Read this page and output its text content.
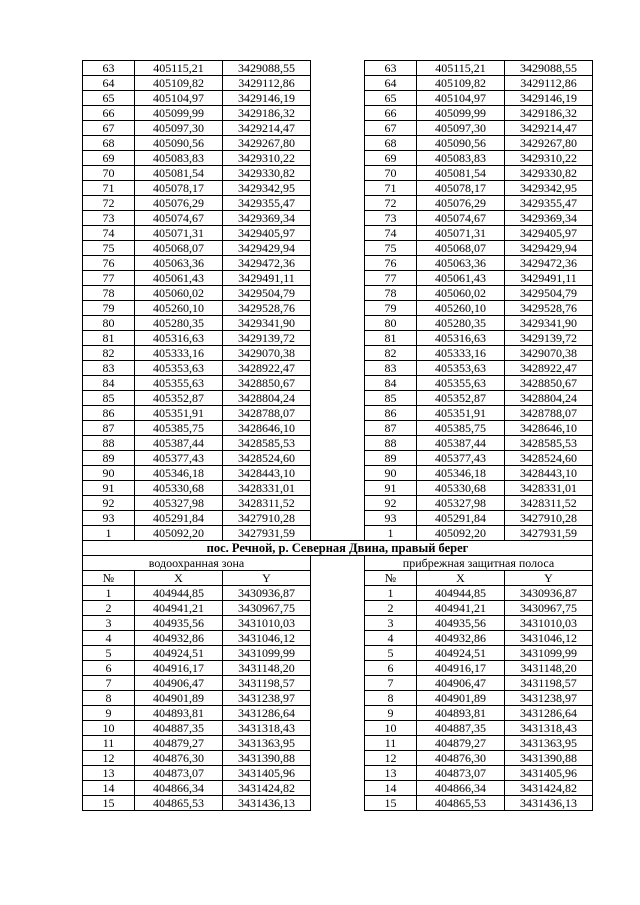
63	405115,21	3429088,55		63	405115,21	3429088,55
64	405109,82	3429112,86		64	405109,82	3429112,86
65	405104,97	3429146,19		65	405104,97	3429146,19
66	405099,99	3429186,32		66	405099,99	3429186,32
67	405097,30	3429214,47		67	405097,30	3429214,47
68	405090,56	3429267,80		68	405090,56	3429267,80
69	405083,83	3429310,22		69	405083,83	3429310,22
70	405081,54	3429330,82		70	405081,54	3429330,82
71	405078,17	3429342,95		71	405078,17	3429342,95
72	405076,29	3429355,47		72	405076,29	3429355,47
73	405074,67	3429369,34		73	405074,67	3429369,34
74	405071,31	3429405,97		74	405071,31	3429405,97
75	405068,07	3429429,94		75	405068,07	3429429,94
76	405063,36	3429472,36		76	405063,36	3429472,36
77	405061,43	3429491,11		77	405061,43	3429491,11
78	405060,02	3429504,79		78	405060,02	3429504,79
79	405260,10	3429528,76		79	405260,10	3429528,76
80	405280,35	3429341,90		80	405280,35	3429341,90
81	405316,63	3429139,72		81	405316,63	3429139,72
82	405333,16	3429070,38		82	405333,16	3429070,38
83	405353,63	3428922,47		83	405353,63	3428922,47
84	405355,63	3428850,67		84	405355,63	3428850,67
85	405352,87	3428804,24		85	405352,87	3428804,24
86	405351,91	3428788,07		86	405351,91	3428788,07
87	405385,75	3428646,10		87	405385,75	3428646,10
88	405387,44	3428585,53		88	405387,44	3428585,53
89	405377,43	3428524,60		89	405377,43	3428524,60
90	405346,18	3428443,10		90	405346,18	3428443,10
91	405330,68	3428331,01		91	405330,68	3428331,01
92	405327,98	3428311,52		92	405327,98	3428311,52
93	405291,84	3427910,28		93	405291,84	3427910,28
1	405092,20	3427931,59		1	405092,20	3427931,59
пос. Речной, р. Северная Двина, правый берег						
водоохранная зона				прибрежная защитная полоса		
№	X	Y		№	X	Y
1	404944,85	3430936,87		1	404944,85	3430936,87
2	404941,21	3430967,75		2	404941,21	3430967,75
3	404935,56	3431010,03		3	404935,56	3431010,03
4	404932,86	3431046,12		4	404932,86	3431046,12
5	404924,51	3431099,99		5	404924,51	3431099,99
6	404916,17	3431148,20		6	404916,17	3431148,20
7	404906,47	3431198,57		7	404906,47	3431198,57
8	404901,89	3431238,97		8	404901,89	3431238,97
9	404893,81	3431286,64		9	404893,81	3431286,64
10	404887,35	3431318,43		10	404887,35	3431318,43
11	404879,27	3431363,95		11	404879,27	3431363,95
12	404876,30	3431390,88		12	404876,30	3431390,88
13	404873,07	3431405,96		13	404873,07	3431405,96
14	404866,34	3431424,82		14	404866,34	3431424,82
15	404865,53	3431436,13		15	404865,53	3431436,13
